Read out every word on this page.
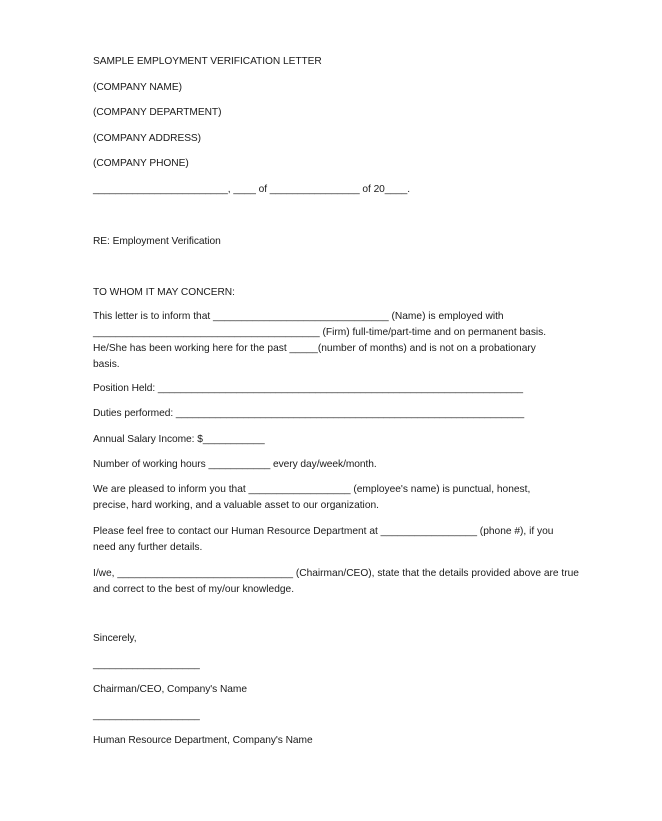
SAMPLE EMPLOYMENT VERIFICATION LETTER
(COMPANY NAME)
(COMPANY DEPARTMENT)
(COMPANY ADDRESS)
(COMPANY PHONE)
________________________, ____ of ________________ of 20____.
RE: Employment Verification
TO WHOM IT MAY CONCERN:
This letter is to inform that _______________________________ (Name) is employed with
________________________________________ (Firm) full-time/part-time and on permanent basis.
He/She has been working here for the past _____(number of months) and is not on a probationary
basis.
Position Held: _________________________________________________________________
Duties performed: ______________________________________________________________
Annual Salary Income: $___________
Number of working hours ___________ every day/week/month.
We are pleased to inform you that __________________ (employee's name) is punctual, honest,
precise, hard working, and a valuable asset to our organization.
Please feel free to contact our Human Resource Department at _________________ (phone #), if you
need any further details.
I/we, _______________________________ (Chairman/CEO), state that the details provided above are true
and correct to the best of my/our knowledge.
Sincerely,
___________________
Chairman/CEO, Company's Name
___________________
Human Resource Department, Company's Name
